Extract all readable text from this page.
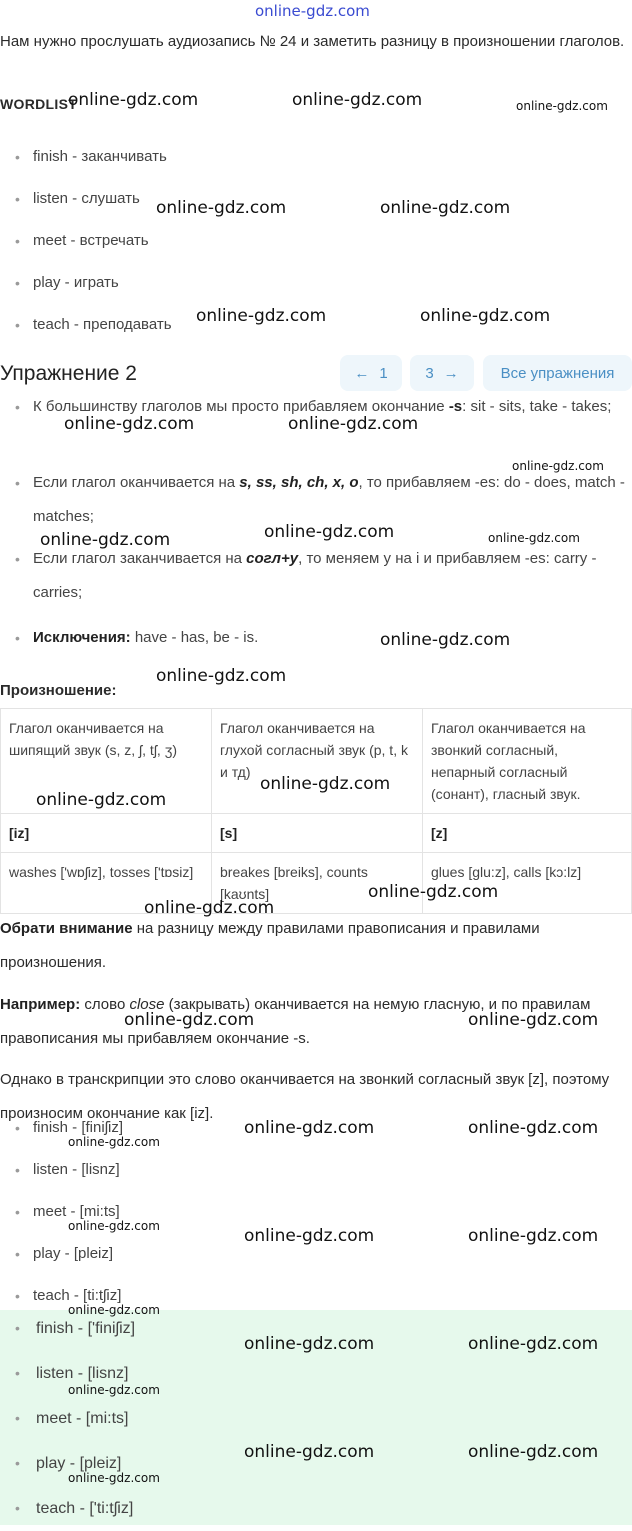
online-gdz.com
Нам нужно прослушать аудиозапись № 24 и заметить разницу в произношении глаголов.
WORDLIST
• finish - заканчивать
• listen - слушать
• meet - встречать
• play - играть
• teach - преподавать
Упражнение 2	← 1	3 →	Все упражнения
• К большинству глаголов мы просто прибавляем окончание -s: sit - sits, take - takes;
• Если глагол оканчивается на s, ss, sh, ch, x, o, то прибавляем -es: do - does, match - matches;
• Если глагол заканчивается на согл+y, то меняем y на i и прибавляем -es: carry - carries;
• Исключения: have - has, be - is.
Произношение:
Глагол оканчивается на шипящий звук (s, z, ʃ, tʃ, ʒ)	Глагол оканчивается на глухой согласный звук (p, t, k и тд)	Глагол оканчивается на звонкий согласный, непарный согласный (сонант), гласный звук.
[iz]	[s]	[z]
washes ['wɒʃiz], tosses ['tɒsiz]	breakes [breiks], counts [kaʊnts]	glues [glu:z], calls [kɔ:lz]
Обрати внимание на разницу между правилами правописания и правилами произношения.
Например: слово close (закрывать) оканчивается на немую гласную, и по правилам правописания мы прибавляем окончание -s.
Однако в транскрипции это слово оканчивается на звонкий согласный звук [z], поэтому произносим окончание как [iz].
• finish - [finiʃiz]
• listen - [lisnz]
• meet - [mi:ts]
• play - [pleiz]
• teach - [ti:tʃiz]
• finish - ['finiʃiz]
• listen - [lisnz]
• meet - [mi:ts]
• play - [pleiz]
• teach - ['ti:tʃiz]
online-gdz.com	online-gdz.com	online-gdz.com
online-gdz.com	online-gdz.com
online-gdz.com	online-gdz.com
online-gdz.com	online-gdz.com
online-gdz.com
online-gdz.com	online-gdz.com
online-gdz.com
online-gdz.com
online-gdz.com
online-gdz.com
online-gdz.com
online-gdz.com
online-gdz.com
online-gdz.com	online-gdz.com
online-gdz.com	online-gdz.com
online-gdz.com
online-gdz.com	online-gdz.com	online-gdz.com
online-gdz.com
online-gdz.com	online-gdz.com
online-gdz.com
online-gdz.com	online-gdz.com
online-gdz.com
